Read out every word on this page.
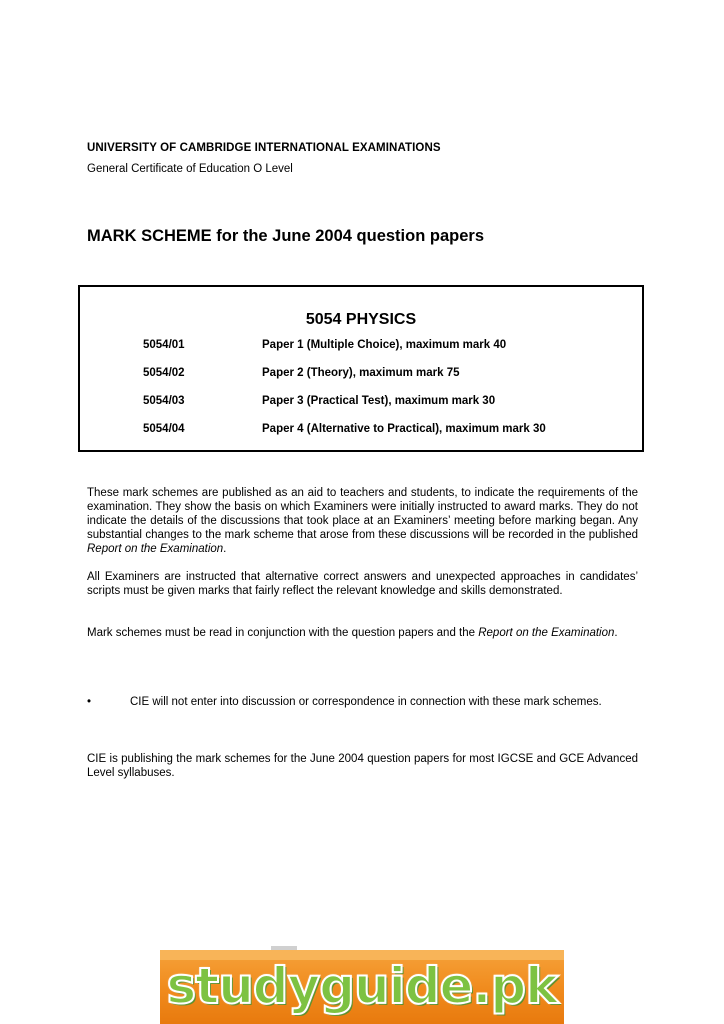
UNIVERSITY OF CAMBRIDGE INTERNATIONAL EXAMINATIONS
General Certificate of Education O Level
MARK SCHEME for the June 2004 question papers
5054 PHYSICS
5054/01	Paper 1 (Multiple Choice), maximum mark 40
5054/02	Paper 2 (Theory), maximum mark 75
5054/03	Paper 3 (Practical Test), maximum mark 30
5054/04	Paper 4 (Alternative to Practical), maximum mark 30
These mark schemes are published as an aid to teachers and students, to indicate the requirements of the examination. They show the basis on which Examiners were initially instructed to award marks. They do not indicate the details of the discussions that took place at an Examiners’ meeting before marking began. Any substantial changes to the mark scheme that arose from these discussions will be recorded in the published Report on the Examination.
All Examiners are instructed that alternative correct answers and unexpected approaches in candidates’ scripts must be given marks that fairly reflect the relevant knowledge and skills demonstrated.
Mark schemes must be read in conjunction with the question papers and the Report on the Examination.
•	CIE will not enter into discussion or correspondence in connection with these mark schemes.
CIE is publishing the mark schemes for the June 2004 question papers for most IGCSE and GCE Advanced Level syllabuses.
studyguide.pk
